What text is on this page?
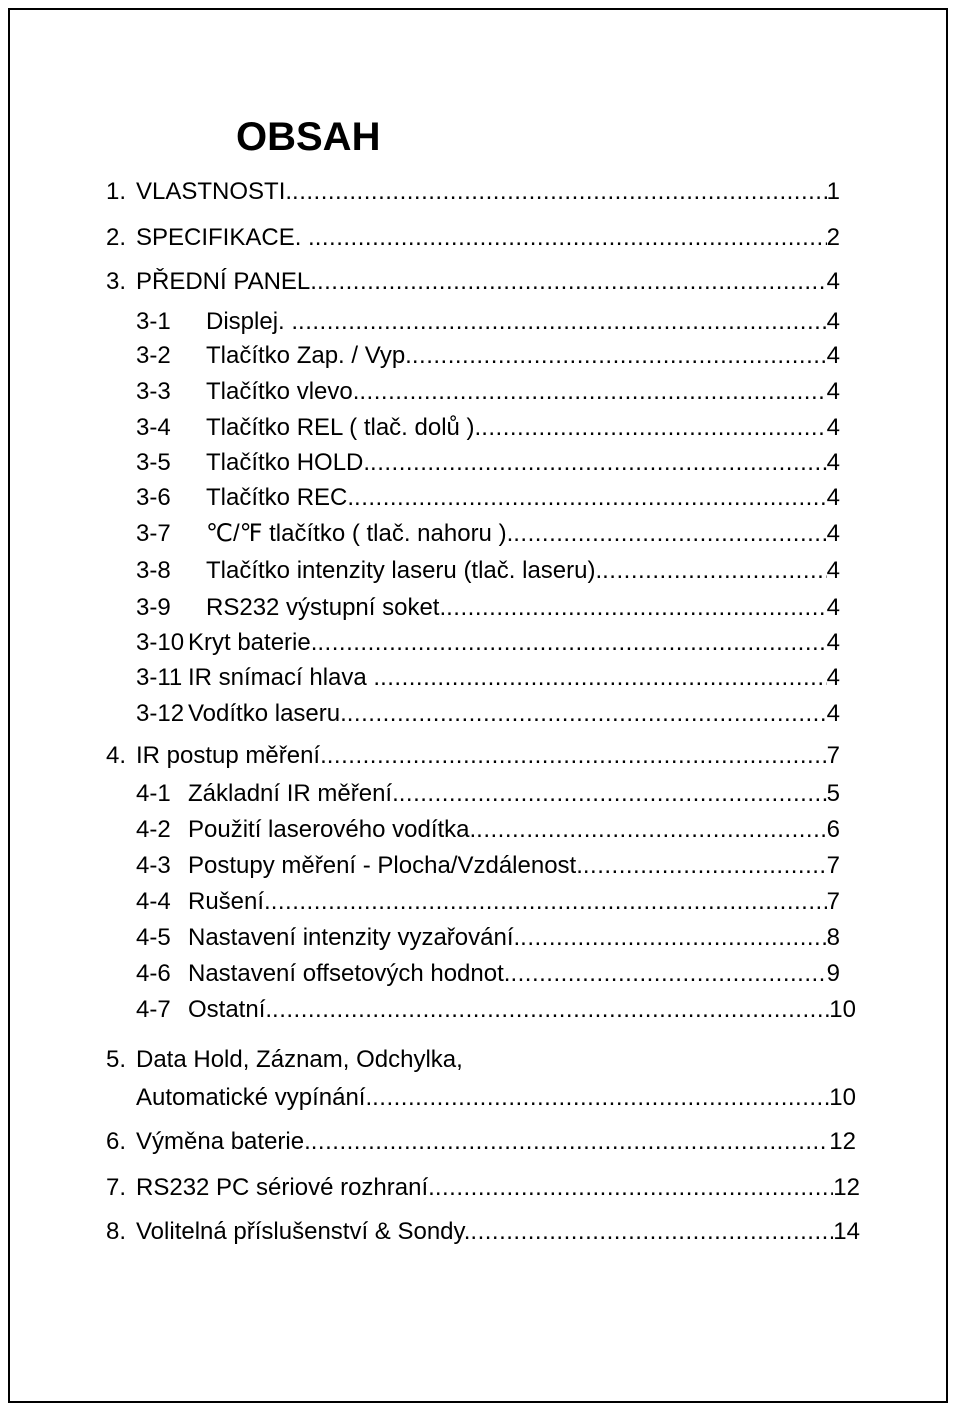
OBSAH
1. VLASTNOSTI. .....	1
2. SPECIFIKACE. . .....	2
3. PŘEDNÍ PANEL. .....	4
3-1	Displej. . .....	4
3-2	Tlačítko Zap. / Vyp. .....	4
3-3	Tlačítko vlevo. .....	4
3-4	Tlačítko REL ( tlač. dolů ). .....	4
3-5	Tlačítko HOLD. .....	4
3-6	Tlačítko REC. .....	4
3-7	℃/℉ tlačítko ( tlač. nahoru ). .....	4
3-8	Tlačítko intenzity laseru (tlač. laseru). .....	4
3-9	RS232 výstupní soket. .....	4
3-10 Kryt baterie. .....	4
3-11 IR snímací hlava . .....	4
3-12 Vodítko laseru. .....	4
4. IR postup měření. .....	7
4-1 Základní IR měření. .....	5
4-2 Použití laserového vodítka. .....	6
4-3 Postupy měření - Plocha/Vzdálenost. .....	7
4-4 Rušení. .....	7
4-5 Nastavení intenzity vyzařování. .....	8
4-6 Nastavení offsetových hodnot. .....	9
4-7 Ostatní. .....	10
5. Data Hold, Záznam, Odchylka,
Automatické vypínání. .....	10
6. Výměna baterie. .....	12
7. RS232 PC sériové rozhraní. .....	12
8. Volitelná příslušenství & Sondy. .....	14
